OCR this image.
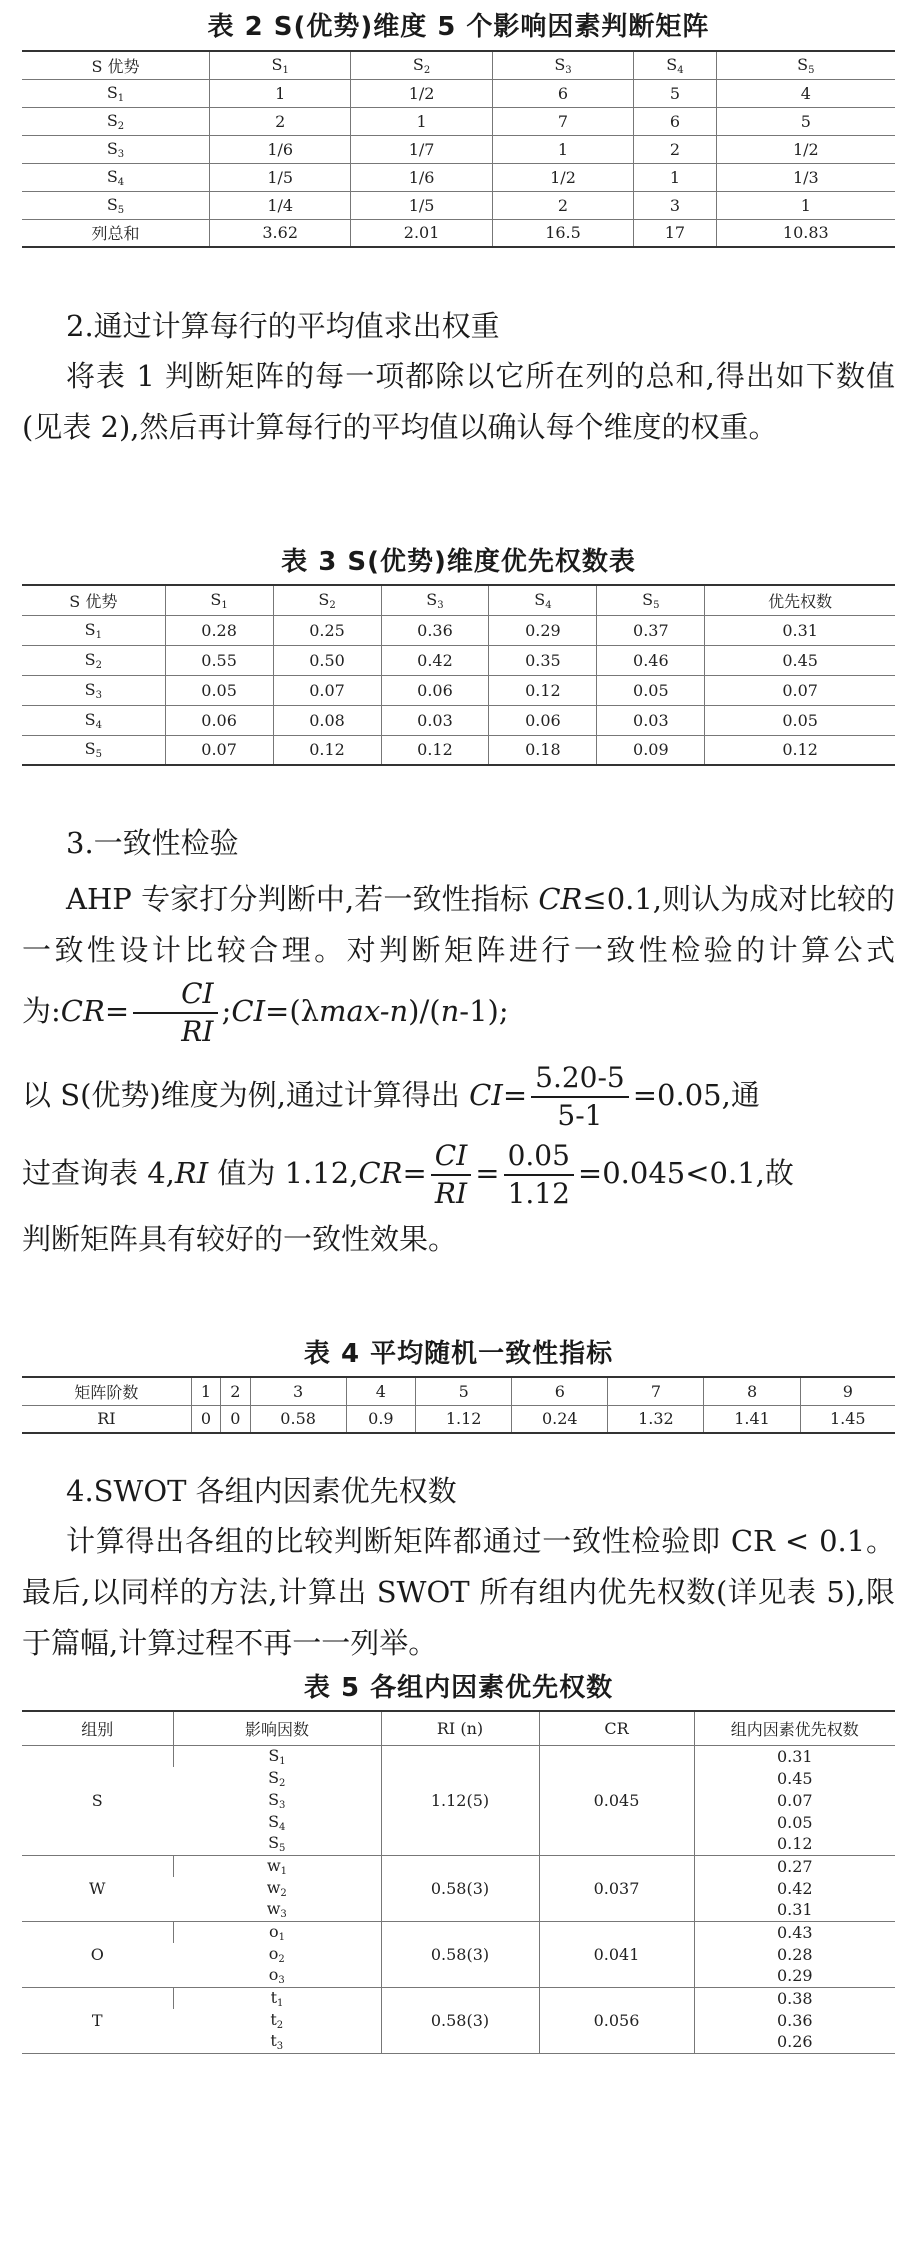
表 2 S(优势)维度 5 个影响因素判断矩阵
S 优势	$S_1$	$S_2$	$S_3$	$S_4$	$S_5$
$S_1$	1	1/2	6	5	4
$S_2$	2	1	7	6	5
$S_3$	1/6	1/7	1	2	1/2
$S_4$	1/5	1/6	1/2	1	1/3
$S_5$	1/4	1/5	2	3	1
列总和	3.62	2.01	16.5	17	10.83

2.通过计算每行的平均值求出权重

将表 1 判断矩阵的每一项都除以它所在列的总和,得出如下数值(见表 2),然后再计算每行的平均值以确认每个维度的权重。

表 3 S(优势)维度优先权数表
S 优势	$S_1$	$S_2$	$S_3$	$S_4$	$S_5$	优先权数
$S_1$	0.28	0.25	0.36	0.29	0.37	0.31
$S_2$	0.55	0.50	0.42	0.35	0.46	0.45
$S_3$	0.05	0.07	0.06	0.12	0.05	0.07
$S_4$	0.06	0.08	0.03	0.06	0.03	0.05
$S_5$	0.07	0.12	0.12	0.18	0.09	0.12

3.一致性检验

AHP 专家打分判断中,若一致性指标 CR≤0.1,则认为成对比较的一致性设计比较合理。对判断矩阵进行一致性检验的计算公式为:CR= $\frac{CI}{RI}$ ;CI=(λmax-n)/(n-1);

以 S(优势)维度为例,通过计算得出 $CI= \frac{5.20-5}{5-1} =0.05$,通

过查询表 4,RI 值为 $1.12,CR= \frac{CI}{RI} = \frac{0.05}{1.12} =0.045<0.1$,故

判断矩阵具有较好的一致性效果。

表 4 平均随机一致性指标
矩阵阶数	1	2	3	4	5	6	7	8	9
RI	0	0	0.58	0.9	1.12	0.24	1.32	1.41	1.45

4.SWOT 各组内因素优先权数

计算得出各组的比较判断矩阵都通过一致性检验即 CR < 0.1。最后,以同样的方法,计算出 SWOT 所有组内优先权数(详见表 5),限于篇幅,计算过程不再一一列举。

表 5 各组内因素优先权数
组别	影响因数	RI (n)	CR	组内因素优先权数
S	$S_1$	1.12(5)	0.045	0.31
	$S_2$			0.45
	$S_3$			0.07
	$S_4$			0.05
	$S_5$			0.12
W	$w_1$	0.58(3)	0.037	0.27
	$w_2$			0.42
	$w_3$			0.31
O	$o_1$	0.58(3)	0.041	0.43
	$o_2$			0.28
	$o_3$			0.29
T	$t_1$	0.58(3)	0.056	0.38
	$t_2$			0.36
	$t_3$			0.26
